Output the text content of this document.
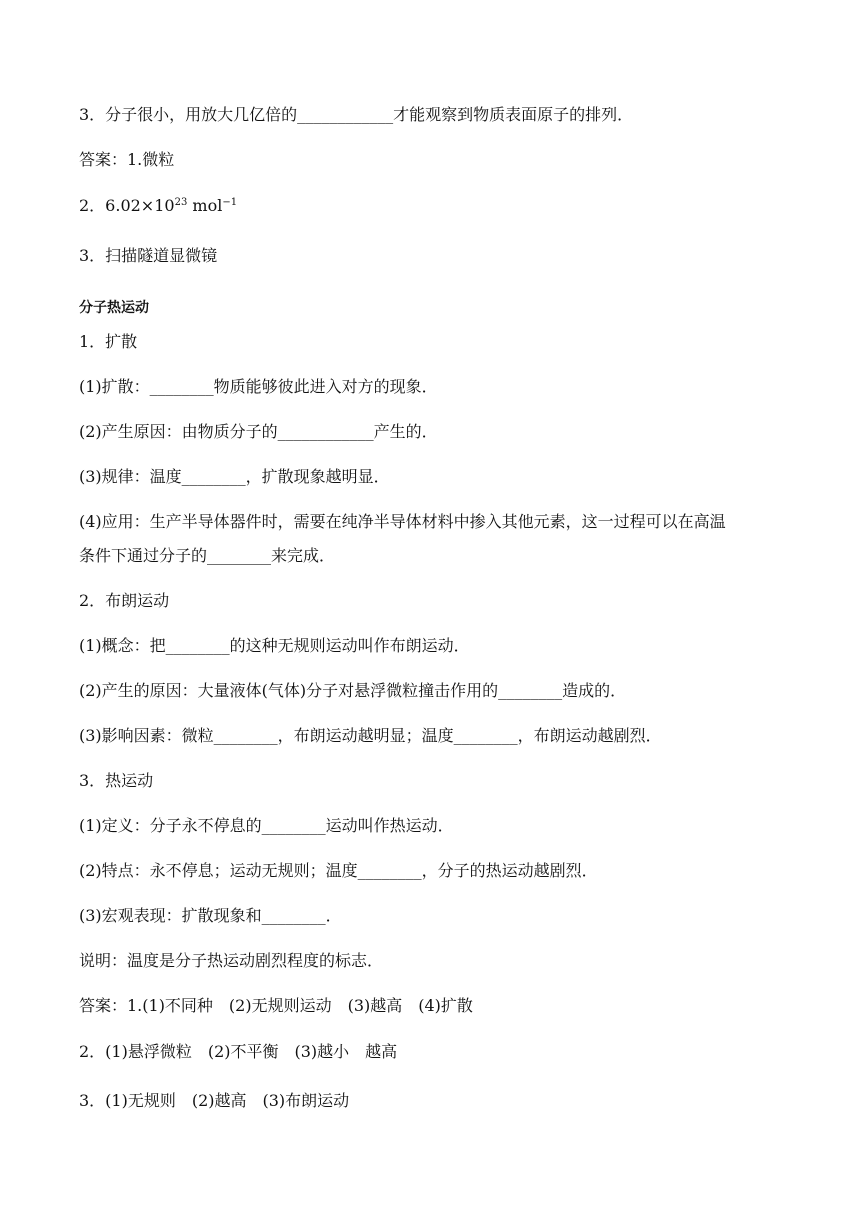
3．分子很小，用放大几亿倍的____________才能观察到物质表面原子的排列．
答案：1.微粒
2．$6.02\times 10^{23}$ mol$^{-1}$
3．扫描隧道显微镜
分子热运动
1．扩散
(1)扩散：________物质能够彼此进入对方的现象．
(2)产生原因：由物质分子的____________产生的．
(3)规律：温度________，扩散现象越明显．
(4)应用：生产半导体器件时，需要在纯净半导体材料中掺入其他元素，这一过程可以在高温
条件下通过分子的________来完成．
2．布朗运动
(1)概念：把________的这种无规则运动叫作布朗运动．
(2)产生的原因：大量液体(气体)分子对悬浮微粒撞击作用的________造成的．
(3)影响因素：微粒________，布朗运动越明显；温度________，布朗运动越剧烈．
3．热运动
(1)定义：分子永不停息的________运动叫作热运动．
(2)特点：永不停息；运动无规则；温度________，分子的热运动越剧烈．
(3)宏观表现：扩散现象和________．
说明：温度是分子热运动剧烈程度的标志．
答案：1.(1)不同种　(2)无规则运动　(3)越高　(4)扩散
2．(1)悬浮微粒　(2)不平衡　(3)越小　越高
3．(1)无规则　(2)越高　(3)布朗运动
